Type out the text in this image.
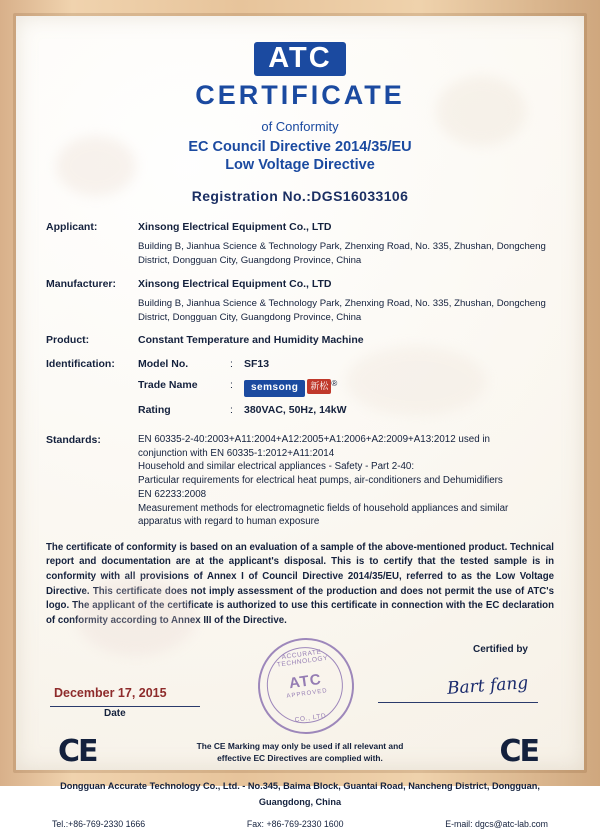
ATC
CERTIFICATE
of Conformity
EC Council Directive 2014/35/EU
Low Voltage Directive
Registration No.:DGS16033106
Applicant:	Xinsong Electrical Equipment Co., LTD
Building B, Jianhua Science & Technology Park, Zhenxing Road, No. 335, Zhushan, Dongcheng District, Dongguan City, Guangdong Province, China
Manufacturer:	Xinsong Electrical Equipment Co., LTD
Building B, Jianhua Science & Technology Park, Zhenxing Road, No. 335, Zhushan, Dongcheng District, Dongguan City, Guangdong Province, China
Product:	Constant Temperature and Humidity Machine
Identification:	Model No.	:	SF13
Trade Name	:	semsong 新松 ®
Rating	:	380VAC, 50Hz, 14kW
Standards:	EN 60335-2-40:2003+A11:2004+A12:2005+A1:2006+A2:2009+A13:2012 used in
conjunction with EN 60335-1:2012+A11:2014
Household and similar electrical appliances - Safety - Part 2-40:
Particular requirements for electrical heat pumps, air-conditioners and Dehumidifiers
EN 62233:2008
Measurement methods for electromagnetic fields of household appliances and similar
apparatus with regard to human exposure
The certificate of conformity is based on an evaluation of a sample of the above-mentioned product. Technical report and documentation are at the applicant's disposal. This is to certify that the tested sample is in conformity with all provisions of Annex I of Council Directive 2014/35/EU, referred to as the Low Voltage Directive. This certificate does not imply assessment of the production and does not permit the use of ATC's logo. The applicant of the certificate is authorized to use this certificate in connection with the EC declaration of conformity according to Annex III of the Directive.
Certified by
Bart fang
December 17, 2015
Date
ACCURATE TECHNOLOGY
ATC
APPROVED
CO., LTD
CE	The CE Marking may only be used if all relevant and
effective EC Directives are complied with.	CE
Dongguan Accurate Technology Co., Ltd. - No.345, Baima Block, Guantai Road, Nancheng District, Dongguan,
Guangdong, China
Tel.:+86-769-2330 1666	Fax: +86-769-2330 1600	E-mail: dgcs@atc-lab.com
